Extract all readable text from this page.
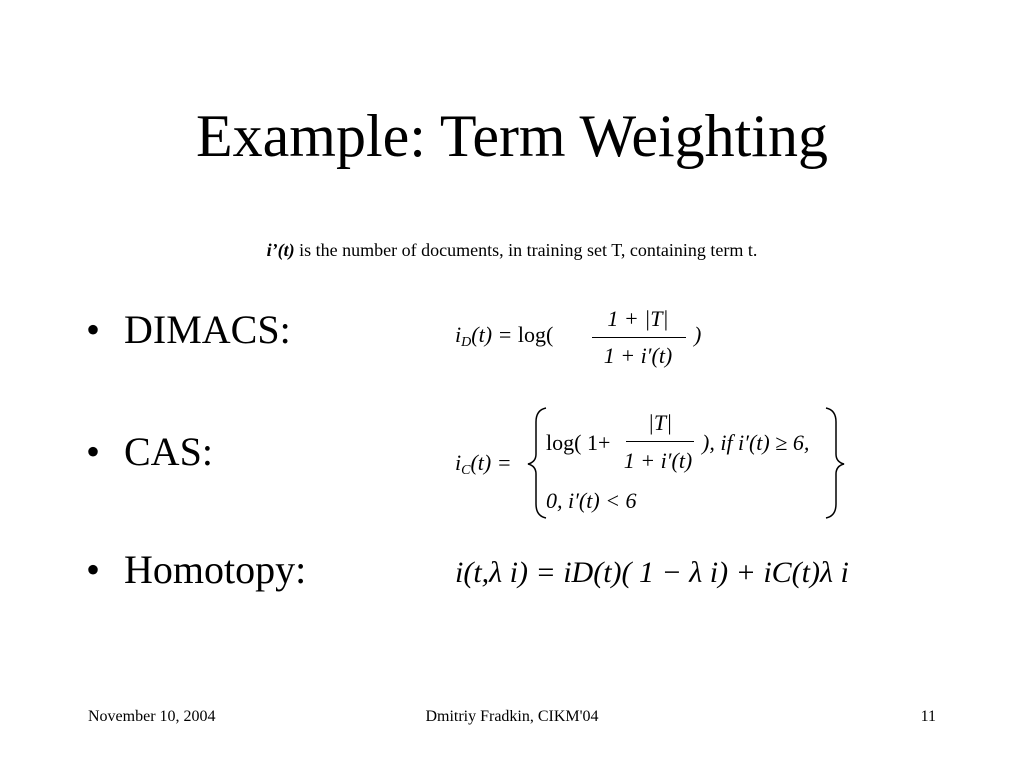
Example: Term Weighting
i’(t) is the number of documents, in training set T, containing term t.
• DIMACS:
• CAS:
• Homotopy:
iD(t) = log(
1 + |T|
1 + i′(t)
)
iC(t) =
log( 1+
|T|
1 + i′(t)
), if i′(t) ≥ 6,
0, i′(t) < 6
i(t,λ i) = iD(t)( 1 − λ i) + iC(t)λ i
November 10, 2004	Dmitriy Fradkin, CIKM'04	11
